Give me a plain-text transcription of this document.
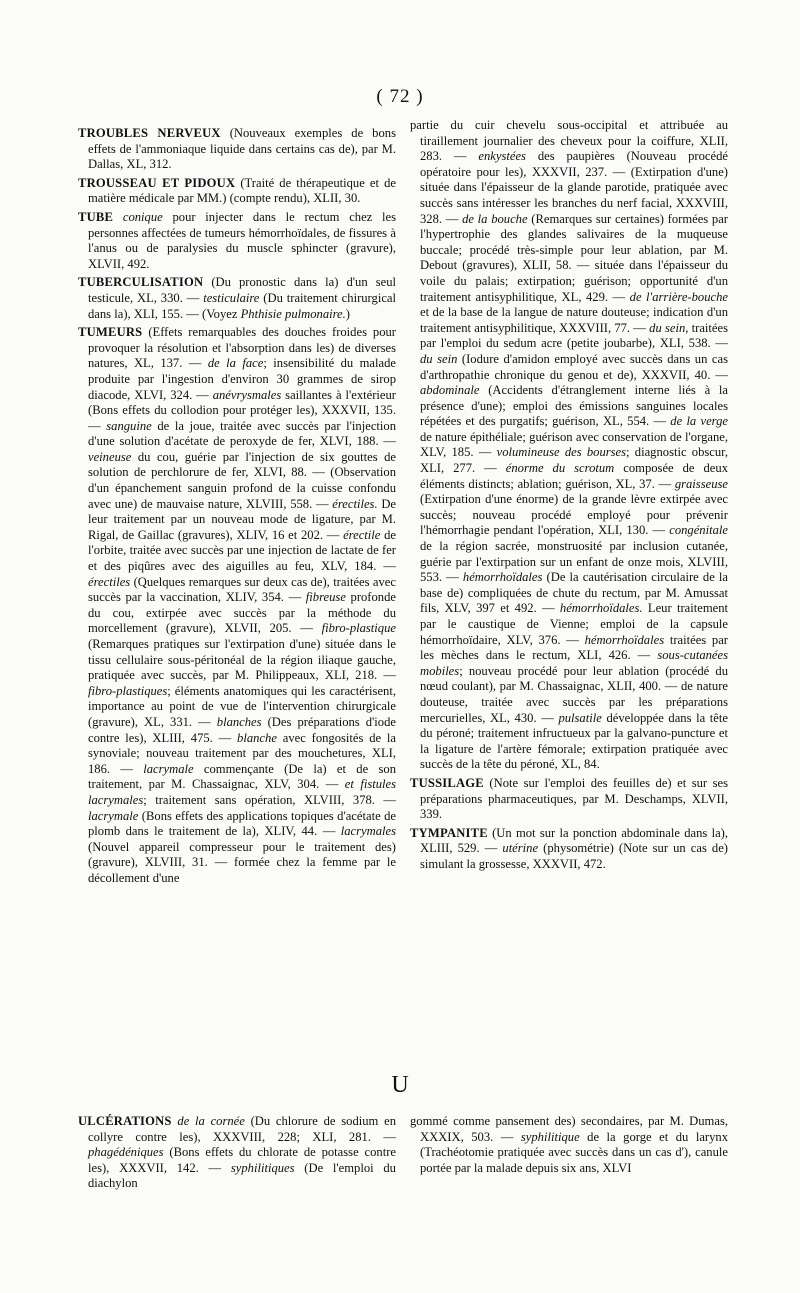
( 72 )

TROUBLES NERVEUX (Nouveaux exemples de bons effets de l'ammoniaque liquide dans certains cas de), par M. Dallas, XL, 312.

TROUSSEAU ET PIDOUX (Traité de thérapeutique et de matière médicale par MM.) (compte rendu), XLII, 30.

TUBE conique pour injecter dans le rectum chez les personnes affectées de tumeurs hémorrhoïdales, de fissures à l'anus ou de paralysies du muscle sphincter (gravure), XLVII, 492.

TUBERCULISATION (Du pronostic dans la) d'un seul testicule, XL, 330. — testiculaire (Du traitement chirurgical dans la), XLI, 155. — (Voyez Phthisie pulmonaire.)

TUMEURS (Effets remarquables des douches froides pour provoquer la résolution et l'absorption dans les) de diverses natures, XL, 137. — de la face; insensibilité du malade produite par l'ingestion d'environ 30 grammes de sirop diacode, XLVI, 324. — anévrysmales saillantes à l'extérieur (Bons effets du collodion pour protéger les), XXXVII, 135. — sanguine de la joue, traitée avec succès par l'injection d'une solution d'acétate de peroxyde de fer, XLVI, 188. — veineuse du cou, guérie par l'injection de six gouttes de solution de perchlorure de fer, XLVI, 88. — (Observation d'un épanchement sanguin profond de la cuisse confondu avec une) de mauvaise nature, XLVIII, 558. — érectiles. De leur traitement par un nouveau mode de ligature, par M. Rigal, de Gaillac (gravures), XLIV, 16 et 202. — érectile de l'orbite, traitée avec succès par une injection de lactate de fer et des piqûres avec des aiguilles au feu, XLV, 184. — érectiles (Quelques remarques sur deux cas de), traitées avec succès par la vaccination, XLIV, 354. — fibreuse profonde du cou, extirpée avec succès par la méthode du morcellement (gravure), XLVII, 205. — fibro-plastique (Remarques pratiques sur l'extirpation d'une) située dans le tissu cellulaire sous-péritonéal de la région iliaque gauche, pratiquée avec succès, par M. Philippeaux, XLI, 218. — fibro-plastiques; éléments anatomiques qui les caractérisent, importance au point de vue de l'intervention chirurgicale (gravure), XL, 331. — blanches (Des préparations d'iode contre les), XLIII, 475. — blanche avec fongosités de la synoviale; nouveau traitement par des mouchetures, XLI, 186. — lacrymale commençante (De la) et de son traitement, par M. Chassaignac, XLV, 304. — et fistules lacrymales; traitement sans opération, XLVIII, 378. — lacrymale (Bons effets des applications topiques d'acétate de plomb dans le traitement de la), XLIV, 44. — lacrymales (Nouvel appareil compresseur pour le traitement des) (gravure), XLVIII, 31. — formée chez la femme par le décollement d'une

partie du cuir chevelu sous-occipital et attribuée au tiraillement journalier des cheveux pour la coiffure, XLII, 283. — enkystées des paupières (Nouveau procédé opératoire pour les), XXXVII, 237. — (Extirpation d'une) située dans l'épaisseur de la glande parotide, pratiquée avec succès sans intéresser les branches du nerf facial, XXXVIII, 328. — de la bouche (Remarques sur certaines) formées par l'hypertrophie des glandes salivaires de la muqueuse buccale; procédé très-simple pour leur ablation, par M. Debout (gravures), XLII, 58. — située dans l'épaisseur du voile du palais; extirpation; guérison; opportunité d'un traitement antisyphilitique, XL, 429. — de l'arrière-bouche et de la base de la langue de nature douteuse; indication d'un traitement antisyphilitique, XXXVIII, 77. — du sein, traitées par l'emploi du sedum acre (petite joubarbe), XLI, 538. — du sein (Iodure d'amidon employé avec succès dans un cas d'arthropathie chronique du genou et de), XXXVII, 40. — abdominale (Accidents d'étranglement interne liés à la présence d'une); emploi des émissions sanguines locales répétées et des purgatifs; guérison, XL, 554. — de la verge de nature épithéliale; guérison avec conservation de l'organe, XLV, 185. — volumineuse des bourses; diagnostic obscur, XLI, 277. — énorme du scrotum composée de deux éléments distincts; ablation; guérison, XL, 37. — graisseuse (Extirpation d'une énorme) de la grande lèvre extirpée avec succès; nouveau procédé employé pour prévenir l'hémorrhagie pendant l'opération, XLI, 130. — congénitale de la région sacrée, monstruosité par inclusion cutanée, guérie par l'extirpation sur un enfant de onze mois, XLVIII, 553. — hémorrhoïdales (De la cautérisation circulaire de la base de) compliquées de chute du rectum, par M. Amussat fils, XLV, 397 et 492. — hémorrhoïdales. Leur traitement par le caustique de Vienne; emploi de la capsule hémorrhoïdaire, XLV, 376. — hémorrhoïdales traitées par les mèches dans le rectum, XLI, 426. — sous-cutanées mobiles; nouveau procédé pour leur ablation (procédé du nœud coulant), par M. Chassaignac, XLII, 400. — de nature douteuse, traitée avec succès par les préparations mercurielles, XL, 430. — pulsatile développée dans la tête du péroné; traitement infructueux par la galvano-puncture et la ligature de l'artère fémorale; extirpation pratiquée avec succès de la tête du péroné, XL, 84.

TUSSILAGE (Note sur l'emploi des feuilles de) et sur ses préparations pharmaceutiques, par M. Deschamps, XLVII, 339.

TYMPANITE (Un mot sur la ponction abdominale dans la), XLIII, 529. — utérine (physométrie) (Note sur un cas de) simulant la grossesse, XXXVII, 472.

U

ULCÉRATIONS de la cornée (Du chlorure de sodium en collyre contre les), XXXVIII, 228; XLI, 281. — phagédéniques (Bons effets du chlorate de potasse contre les), XXXVII, 142. — syphilitiques (De l'emploi du diachylon

gommé comme pansement des) secondaires, par M. Dumas, XXXIX, 503. — syphilitique de la gorge et du larynx (Trachéotomie pratiquée avec succès dans un cas d'), canule portée par la malade depuis six ans, XLVI
